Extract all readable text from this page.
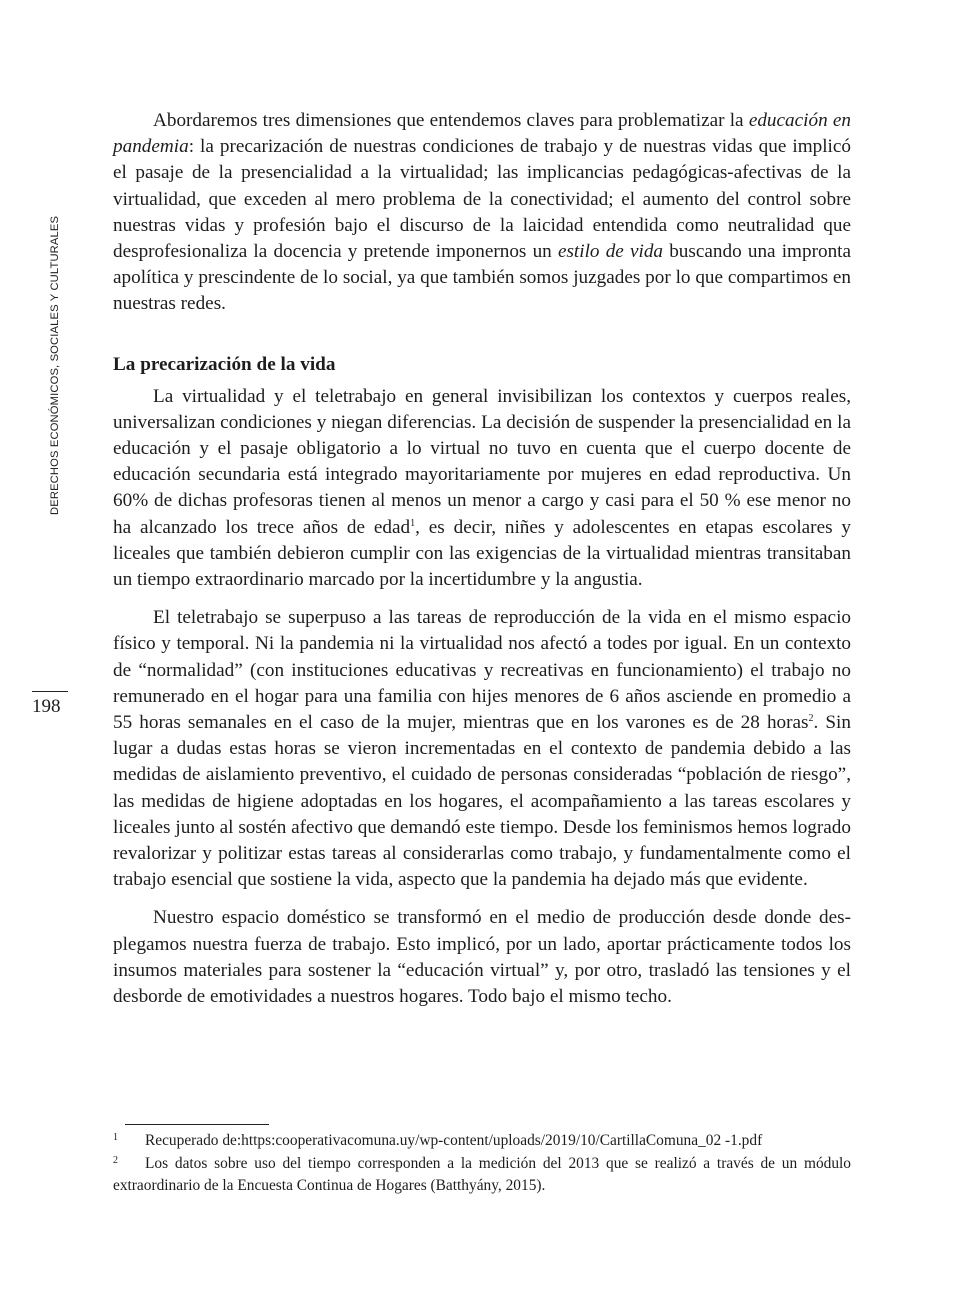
DERECHOS ECONÓMICOS, SOCIALES Y CULTURALES
198

Abordaremos tres dimensiones que entendemos claves para problematizar la educación en pandemia: la precarización de nuestras condiciones de trabajo y de nuestras vidas que implicó el pasaje de la presencialidad a la virtualidad; las implicancias pedagógicas-afectivas de la virtualidad, que exceden al mero problema de la conectividad; el aumento del control sobre nuestras vidas y profesión bajo el discurso de la laicidad entendida como neutralidad que desprofesionaliza la docencia y pretende imponernos un estilo de vida buscando una impronta apolítica y prescindente de lo social, ya que también somos juzgades por lo que compartimos en nuestras redes.

La precarización de la vida

La virtualidad y el teletrabajo en general invisibilizan los contextos y cuerpos reales, universalizan condiciones y niegan diferencias. La decisión de suspender la presencialidad en la educación y el pasaje obligatorio a lo virtual no tuvo en cuenta que el cuerpo docente de educación secundaria está integrado mayoritariamente por mujeres en edad reproductiva. Un 60% de dichas profesoras tienen al menos un menor a cargo y casi para el 50 % ese menor no ha alcanzado los trece años de edad$^1$, es decir, niñes y adolescentes en etapas escolares y liceales que también debieron cumplir con las exigencias de la virtualidad mientras transitaban un tiempo extraordinario marcado por la incertidumbre y la angustia.

El teletrabajo se superpuso a las tareas de reproducción de la vida en el mismo espacio físico y temporal. Ni la pandemia ni la virtualidad nos afectó a todes por igual. En un contexto de “normalidad” (con instituciones educativas y recreativas en funcionamiento) el trabajo no remunerado en el hogar para una familia con hijes menores de 6 años asciende en promedio a 55 horas semanales en el caso de la mujer, mientras que en los varones es de 28 horas$^2$. Sin lugar a dudas estas horas se vieron incrementadas en el contexto de pandemia debido a las medidas de aislamiento preventivo, el cuidado de personas consideradas “población de riesgo”, las medidas de higiene adoptadas en los hogares, el acompañamiento a las tareas escolares y liceales junto al sostén afectivo que demandó este tiempo. Desde los feminismos hemos logrado revalorizar y politizar estas tareas al considerarlas como trabajo, y fundamentalmente como el trabajo esencial que sostiene la vida, aspecto que la pandemia ha dejado más que evidente.

Nuestro espacio doméstico se transformó en el medio de producción desde donde desplegamos nuestra fuerza de trabajo. Esto implicó, por un lado, aportar prácticamente todos los insumos materiales para sostener la “educación virtual” y, por otro, trasladó las tensiones y el desborde de emotividades a nuestros hogares. Todo bajo el mismo techo.

1 Recuperado de:https:cooperativacomuna.uy/wp-content/uploads/2019/10/CartillaComuna_02 -1.pdf

2 Los datos sobre uso del tiempo corresponden a la medición del 2013 que se realizó a través de un módulo extraordinario de la Encuesta Continua de Hogares (Batthyány, 2015).
